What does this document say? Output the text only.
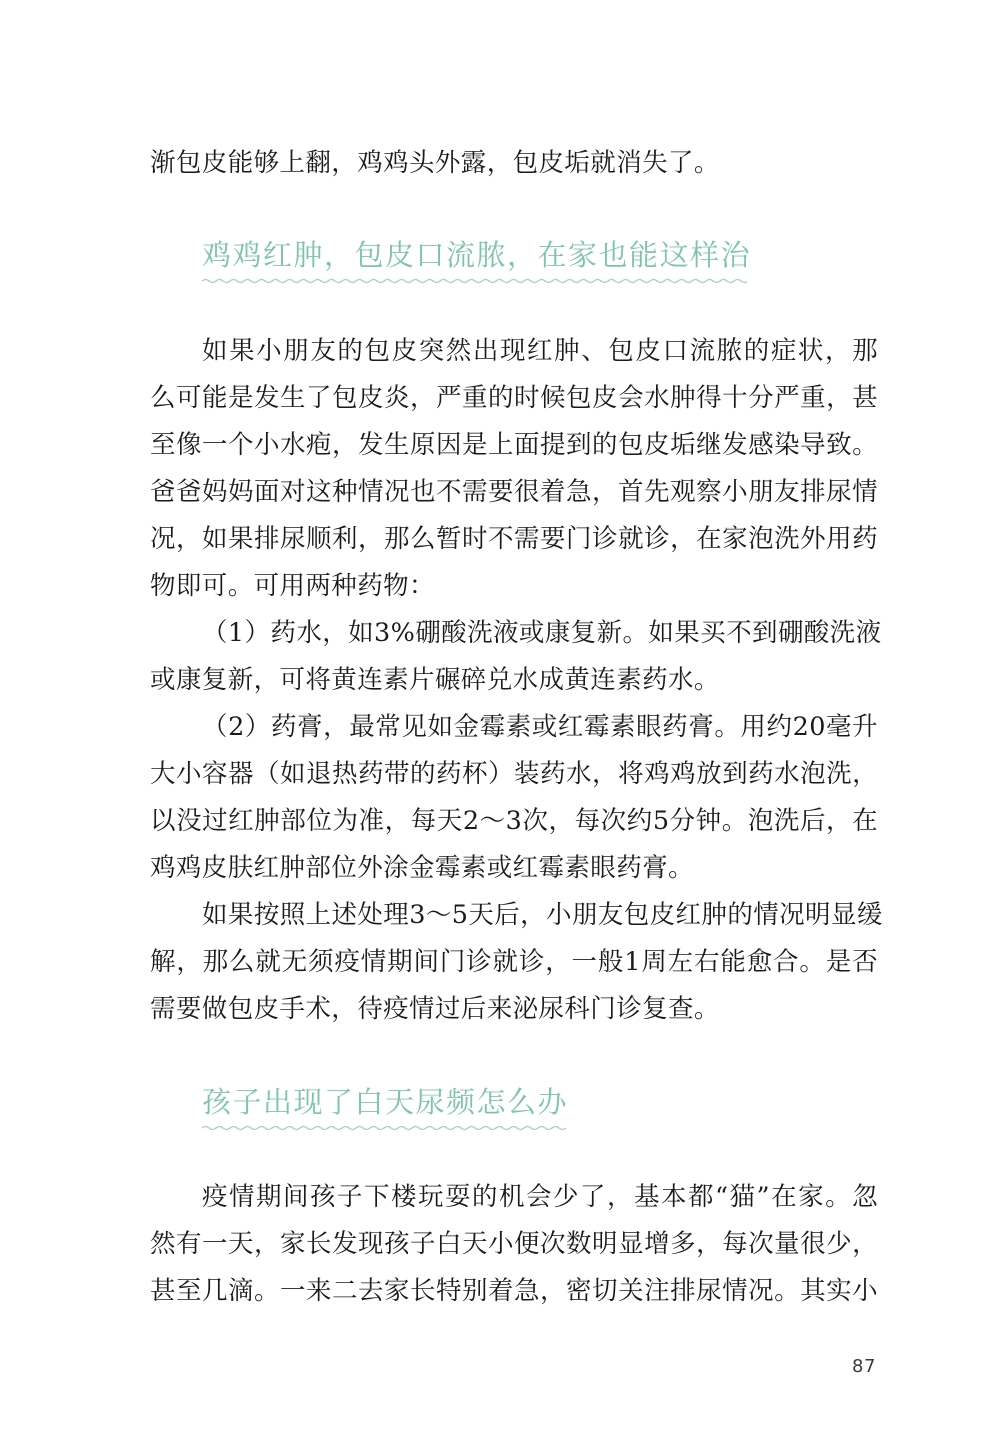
渐包皮能够上翻，鸡鸡头外露，包皮垢就消失了。
鸡鸡红肿，包皮口流脓，在家也能这样治
如果小朋友的包皮突然出现红肿、包皮口流脓的症状，那
么可能是发生了包皮炎，严重的时候包皮会水肿得十分严重，甚
至像一个小水疱，发生原因是上面提到的包皮垢继发感染导致。
爸爸妈妈面对这种情况也不需要很着急，首先观察小朋友排尿情
况，如果排尿顺利，那么暂时不需要门诊就诊，在家泡洗外用药
物即可。可用两种药物：
（1）药水，如3%硼酸洗液或康复新。如果买不到硼酸洗液
或康复新，可将黄连素片碾碎兑水成黄连素药水。
（2）药膏，最常见如金霉素或红霉素眼药膏。用约20毫升
大小容器（如退热药带的药杯）装药水，将鸡鸡放到药水泡洗，
以没过红肿部位为准，每天2～3次，每次约5分钟。泡洗后，在
鸡鸡皮肤红肿部位外涂金霉素或红霉素眼药膏。
如果按照上述处理3～5天后，小朋友包皮红肿的情况明显缓
解，那么就无须疫情期间门诊就诊，一般1周左右能愈合。是否
需要做包皮手术，待疫情过后来泌尿科门诊复查。
孩子出现了白天尿频怎么办
疫情期间孩子下楼玩耍的机会少了，基本都“猫”在家。忽
然有一天，家长发现孩子白天小便次数明显增多，每次量很少，
甚至几滴。一来二去家长特别着急，密切关注排尿情况。其实小
87
